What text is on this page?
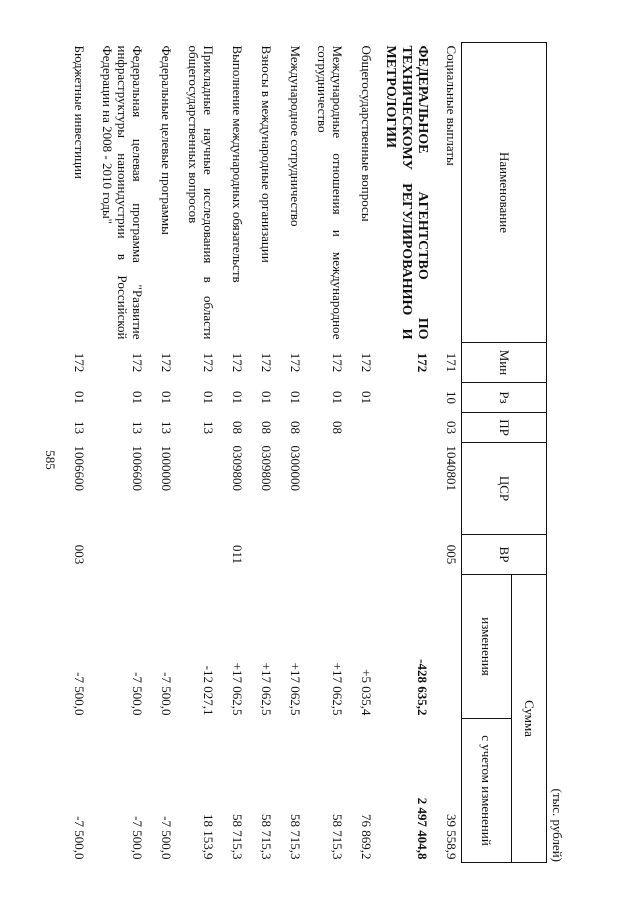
585
(тыс. рублей)
Наименование	Мин	Рз	ПР	ЦСР	ВР	Сумма	
						изменения	с учетом изменений
Социальные выплаты	171	10	03	1040801	005		39 558,9
ФЕДЕРАЛЬНОЕ АГЕНТСТВО ПО ТЕХНИЧЕСКОМУ РЕГУЛИРОВАНИЮ И МЕТРОЛОГИИ	172					-428 635,2	2 497 404,8
Общегосударственные вопросы	172	01				+5 035,4	76 869,2
Международные отношения и международное сотрудничество	172	01	08			+17 062,5	58 715,3
Международное сотрудничество	172	01	08	0300000		+17 062,5	58 715,3
Взносы в международные организации	172	01	08	0309800		+17 062,5	58 715,3
Выполнение международных обязательств	172	01	08	0309800	011	+17 062,5	58 715,3
Прикладные научные исследования в области общегосударственных вопросов	172	01	13			-12 027,1	18 153,9
Федеральные целевые программы	172	01	13	1000000		-7 500,0	-7 500,0
Федеральная целевая программа "Развитие инфраструктуры наноиндустрии в Российской Федерации на 2008 - 2010 годы"	172	01	13	1006600		-7 500,0	-7 500,0
Бюджетные инвестиции	172	01	13	1006600	003	-7 500,0	-7 500,0
